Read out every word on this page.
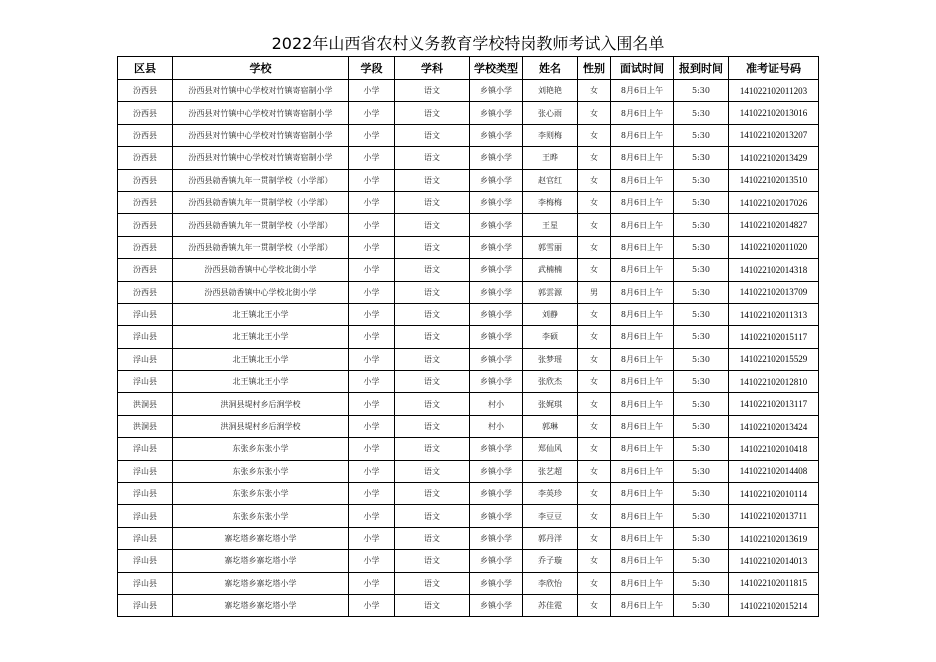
2022年山西省农村义务教育学校特岗教师考试入围名单
区县	学校	学段	学科	学校类型	姓名	性别	面试时间	报到时间	准考证号码
汾西县	汾西县对竹镇中心学校对竹镇寄宿制小学	小学	语文	乡镇小学	刘艳艳	女	8月6日上午	5:30	141022102011203
汾西县	汾西县对竹镇中心学校对竹镇寄宿制小学	小学	语文	乡镇小学	张心雨	女	8月6日上午	5:30	141022102013016
汾西县	汾西县对竹镇中心学校对竹镇寄宿制小学	小学	语文	乡镇小学	李则梅	女	8月6日上午	5:30	141022102013207
汾西县	汾西县对竹镇中心学校对竹镇寄宿制小学	小学	语文	乡镇小学	王晔	女	8月6日上午	5:30	141022102013429
汾西县	汾西县勍香镇九年一贯制学校（小学部）	小学	语文	乡镇小学	赵官红	女	8月6日上午	5:30	141022102013510
汾西县	汾西县勍香镇九年一贯制学校（小学部）	小学	语文	乡镇小学	李梅梅	女	8月6日上午	5:30	141022102017026
汾西县	汾西县勍香镇九年一贯制学校（小学部）	小学	语文	乡镇小学	王星	女	8月6日上午	5:30	141022102014827
汾西县	汾西县勍香镇九年一贯制学校（小学部）	小学	语文	乡镇小学	郭雪丽	女	8月6日上午	5:30	141022102011020
汾西县	汾西县勍香镇中心学校北街小学	小学	语文	乡镇小学	武楠楠	女	8月6日上午	5:30	141022102014318
汾西县	汾西县勍香镇中心学校北街小学	小学	语文	乡镇小学	郭雲源	男	8月6日上午	5:30	141022102013709
浮山县	北王镇北王小学	小学	语文	乡镇小学	刘静	女	8月6日上午	5:30	141022102011313
浮山县	北王镇北王小学	小学	语文	乡镇小学	李硕	女	8月6日上午	5:30	141022102015117
浮山县	北王镇北王小学	小学	语文	乡镇小学	张梦瑶	女	8月6日上午	5:30	141022102015529
浮山县	北王镇北王小学	小学	语文	乡镇小学	张欣杰	女	8月6日上午	5:30	141022102012810
洪洞县	洪洞县堤村乡后涧学校	小学	语文	村小	张娓琪	女	8月6日上午	5:30	141022102013117
洪洞县	洪洞县堤村乡后涧学校	小学	语文	村小	郭琳	女	8月6日上午	5:30	141022102013424
浮山县	东张乡东张小学	小学	语文	乡镇小学	郑仙风	女	8月6日上午	5:30	141022102010418
浮山县	东张乡东张小学	小学	语文	乡镇小学	张艺超	女	8月6日上午	5:30	141022102014408
浮山县	东张乡东张小学	小学	语文	乡镇小学	李英珍	女	8月6日上午	5:30	141022102010114
浮山县	东张乡东张小学	小学	语文	乡镇小学	李豆豆	女	8月6日上午	5:30	141022102013711
浮山县	寨圪塔乡寨圪塔小学	小学	语文	乡镇小学	郭丹洋	女	8月6日上午	5:30	141022102013619
浮山县	寨圪塔乡寨圪塔小学	小学	语文	乡镇小学	乔子璇	女	8月6日上午	5:30	141022102014013
浮山县	寨圪塔乡寨圪塔小学	小学	语文	乡镇小学	李欣怡	女	8月6日上午	5:30	141022102011815
浮山县	寨圪塔乡寨圪塔小学	小学	语文	乡镇小学	苏佳霓	女	8月6日上午	5:30	141022102015214
